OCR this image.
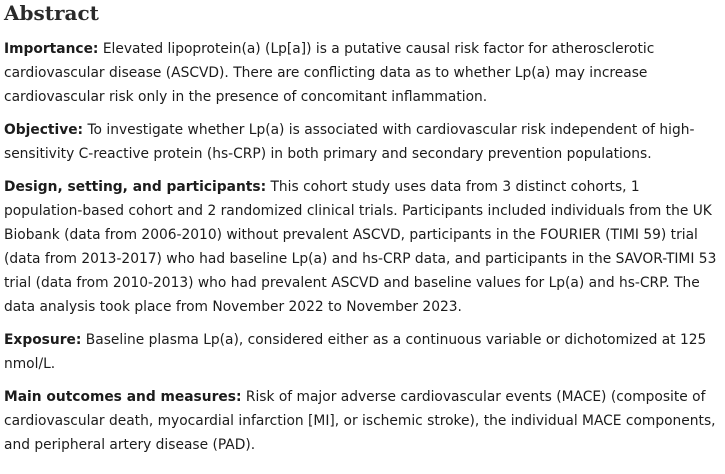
Abstract

Importance: Elevated lipoprotein(a) (Lp[a]) is a putative causal risk factor for atherosclerotic cardiovascular disease (ASCVD). There are conflicting data as to whether Lp(a) may increase cardiovascular risk only in the presence of concomitant inflammation.

Objective: To investigate whether Lp(a) is associated with cardiovascular risk independent of high-sensitivity C-reactive protein (hs-CRP) in both primary and secondary prevention populations.

Design, setting, and participants: This cohort study uses data from 3 distinct cohorts, 1 population-based cohort and 2 randomized clinical trials. Participants included individuals from the UK Biobank (data from 2006-2010) without prevalent ASCVD, participants in the FOURIER (TIMI 59) trial (data from 2013-2017) who had baseline Lp(a) and hs-CRP data, and participants in the SAVOR-TIMI 53 trial (data from 2010-2013) who had prevalent ASCVD and baseline values for Lp(a) and hs-CRP. The data analysis took place from November 2022 to November 2023.

Exposure: Baseline plasma Lp(a), considered either as a continuous variable or dichotomized at 125 nmol/L.

Main outcomes and measures: Risk of major adverse cardiovascular events (MACE) (composite of cardiovascular death, myocardial infarction [MI], or ischemic stroke), the individual MACE components, and peripheral artery disease (PAD).
